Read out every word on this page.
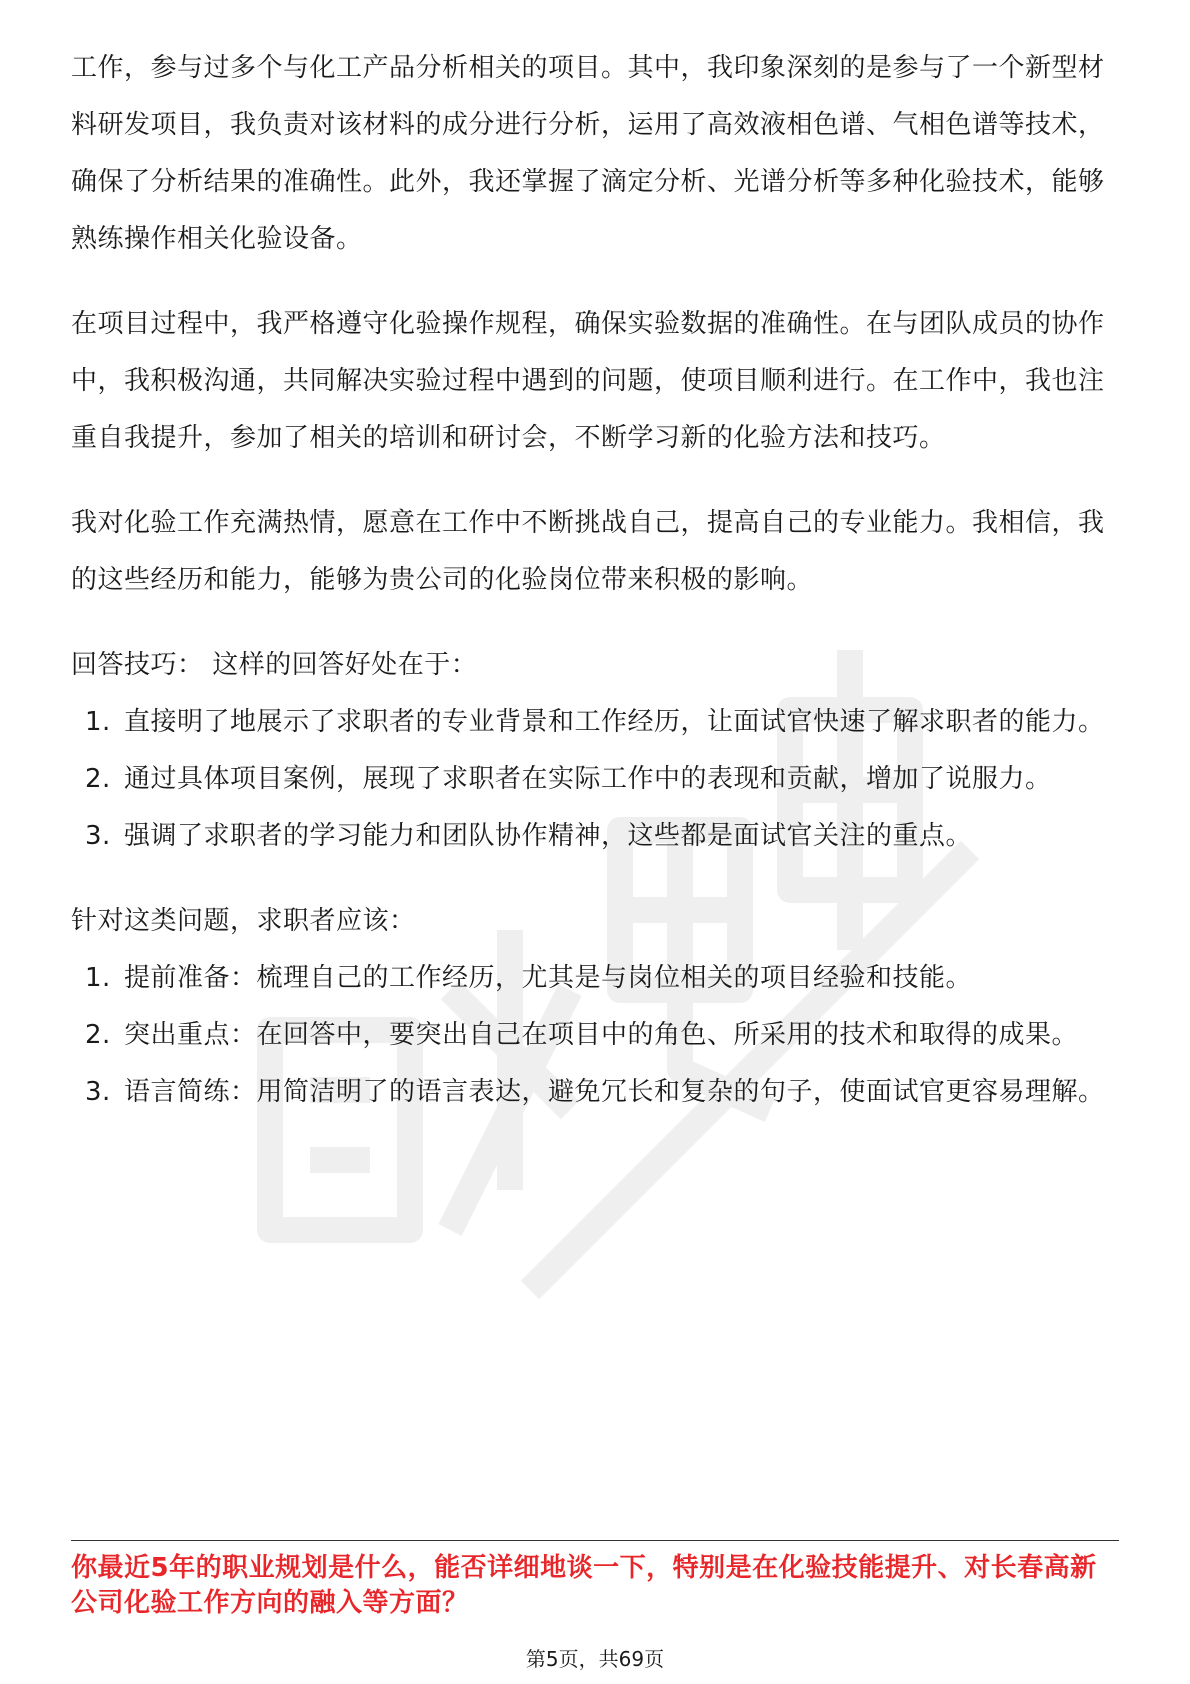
工作，参与过多个与化工产品分析相关的项目。其中，我印象深刻的是参与了一个新型材料研发项目，我负责对该材料的成分进行分析，运用了高效液相色谱、气相色谱等技术，确保了分析结果的准确性。此外，我还掌握了滴定分析、光谱分析等多种化验技术，能够熟练操作相关化验设备。

在项目过程中，我严格遵守化验操作规程，确保实验数据的准确性。在与团队成员的协作中，我积极沟通，共同解决实验过程中遇到的问题，使项目顺利进行。在工作中，我也注重自我提升，参加了相关的培训和研讨会，不断学习新的化验方法和技巧。

我对化验工作充满热情，愿意在工作中不断挑战自己，提高自己的专业能力。我相信，我的这些经历和能力，能够为贵公司的化验岗位带来积极的影响。

回答技巧： 这样的回答好处在于：

1. 直接明了地展示了求职者的专业背景和工作经历，让面试官快速了解求职者的能力。
2. 通过具体项目案例，展现了求职者在实际工作中的表现和贡献，增加了说服力。
3. 强调了求职者的学习能力和团队协作精神，这些都是面试官关注的重点。

针对这类问题，求职者应该：

1. 提前准备：梳理自己的工作经历，尤其是与岗位相关的项目经验和技能。
2. 突出重点：在回答中，要突出自己在项目中的角色、所采用的技术和取得的成果。
3. 语言简练：用简洁明了的语言表达，避免冗长和复杂的句子，使面试官更容易理解。
你最近5年的职业规划是什么，能否详细地谈一下，特别是在化验技能提升、对长春高新公司化验工作方向的融入等方面？
第5页，共69页
